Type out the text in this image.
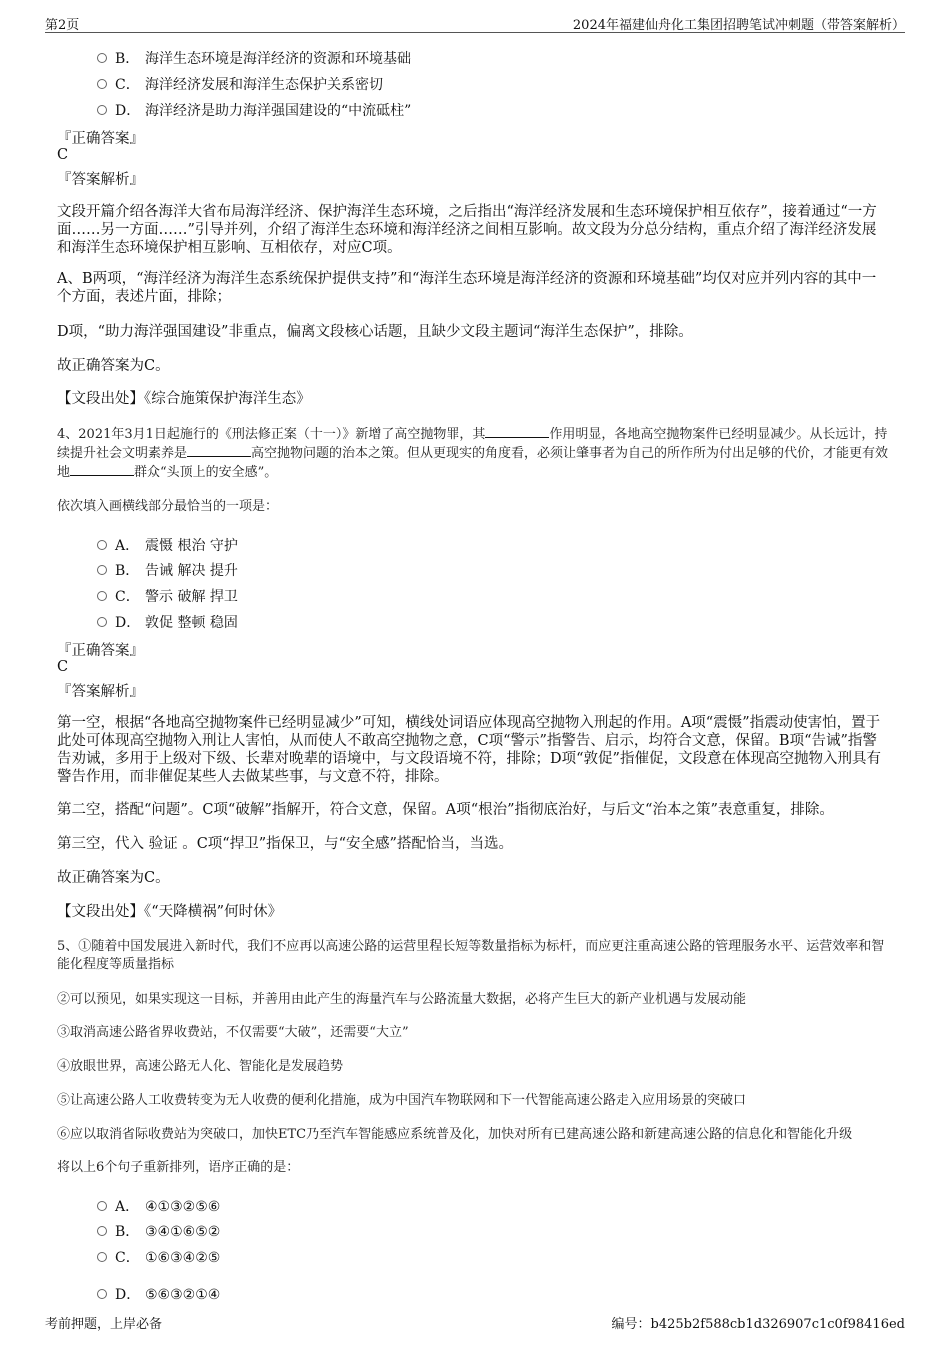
第2页	2024年福建仙舟化工集团招聘笔试冲刺题（带答案解析）
B． 海洋生态环境是海洋经济的资源和环境基础
C． 海洋经济发展和海洋生态保护关系密切
D． 海洋经济是助力海洋强国建设的“中流砥柱”
『正确答案』
C
『答案解析』
文段开篇介绍各海洋大省布局海洋经济、保护海洋生态环境，之后指出“海洋经济发展和生态环境保护相互依存”，接着通过“一方面……另一方面……”引导并列，介绍了海洋生态环境和海洋经济之间相互影响。故文段为分总分结构，重点介绍了海洋经济发展和海洋生态环境保护相互影响、互相依存，对应C项。
A、B两项，“海洋经济为海洋生态系统保护提供支持”和“海洋生态环境是海洋经济的资源和环境基础”均仅对应并列内容的其中一个方面，表述片面，排除；
D项，“助力海洋强国建设”非重点，偏离文段核心话题，且缺少文段主题词“海洋生态保护”，排除。
故正确答案为C。
【文段出处】《综合施策保护海洋生态》
4、2021年3月1日起施行的《刑法修正案（十一）》新增了高空抛物罪，其	作用明显，各地高空抛物案件已经明显减少。从长远计，持续提升社会文明素养是	高空抛物问题的治本之策。但从更现实的角度看，必须让肇事者为自己的所作所为付出足够的代价，才能更有效地	群众“头顶上的安全感”。
依次填入画横线部分最恰当的一项是：
A． 震慑 根治 守护
B． 告诫 解决 提升
C． 警示 破解 捍卫
D． 敦促 整顿 稳固
『正确答案』
C
『答案解析』
第一空，根据“各地高空抛物案件已经明显减少”可知，横线处词语应体现高空抛物入刑起的作用。A项“震慑”指震动使害怕，置于此处可体现高空抛物入刑让人害怕，从而使人不敢高空抛物之意，C项“警示”指警告、启示，均符合文意，保留。B项“告诫”指警告劝诫，多用于上级对下级、长辈对晚辈的语境中，与文段语境不符，排除；D项“敦促”指催促，文段意在体现高空抛物入刑具有警告作用，而非催促某些人去做某些事，与文意不符，排除。
第二空，搭配“问题”。C项“破解”指解开，符合文意，保留。A项“根治”指彻底治好，与后文“治本之策”表意重复，排除。
第三空，代入 验证 。C项“捍卫”指保卫，与“安全感”搭配恰当，当选。
故正确答案为C。
【文段出处】《“天降横祸”何时休》
5、①随着中国发展进入新时代，我们不应再以高速公路的运营里程长短等数量指标为标杆，而应更注重高速公路的管理服务水平、运营效率和智能化程度等质量指标
②可以预见，如果实现这一目标，并善用由此产生的海量汽车与公路流量大数据，必将产生巨大的新产业机遇与发展动能
③取消高速公路省界收费站，不仅需要“大破”，还需要“大立”
④放眼世界，高速公路无人化、智能化是发展趋势
⑤让高速公路人工收费转变为无人收费的便利化措施，成为中国汽车物联网和下一代智能高速公路走入应用场景的突破口
⑥应以取消省际收费站为突破口，加快ETC乃至汽车智能感应系统普及化，加快对所有已建高速公路和新建高速公路的信息化和智能化升级
将以上6个句子重新排列，语序正确的是：
A． ④①③②⑤⑥
B． ③④①⑥⑤②
C． ①⑥③④②⑤
D． ⑤⑥③②①④
考前押题，上岸必备	编号：b425b2f588cb1d326907c1c0f98416ed
